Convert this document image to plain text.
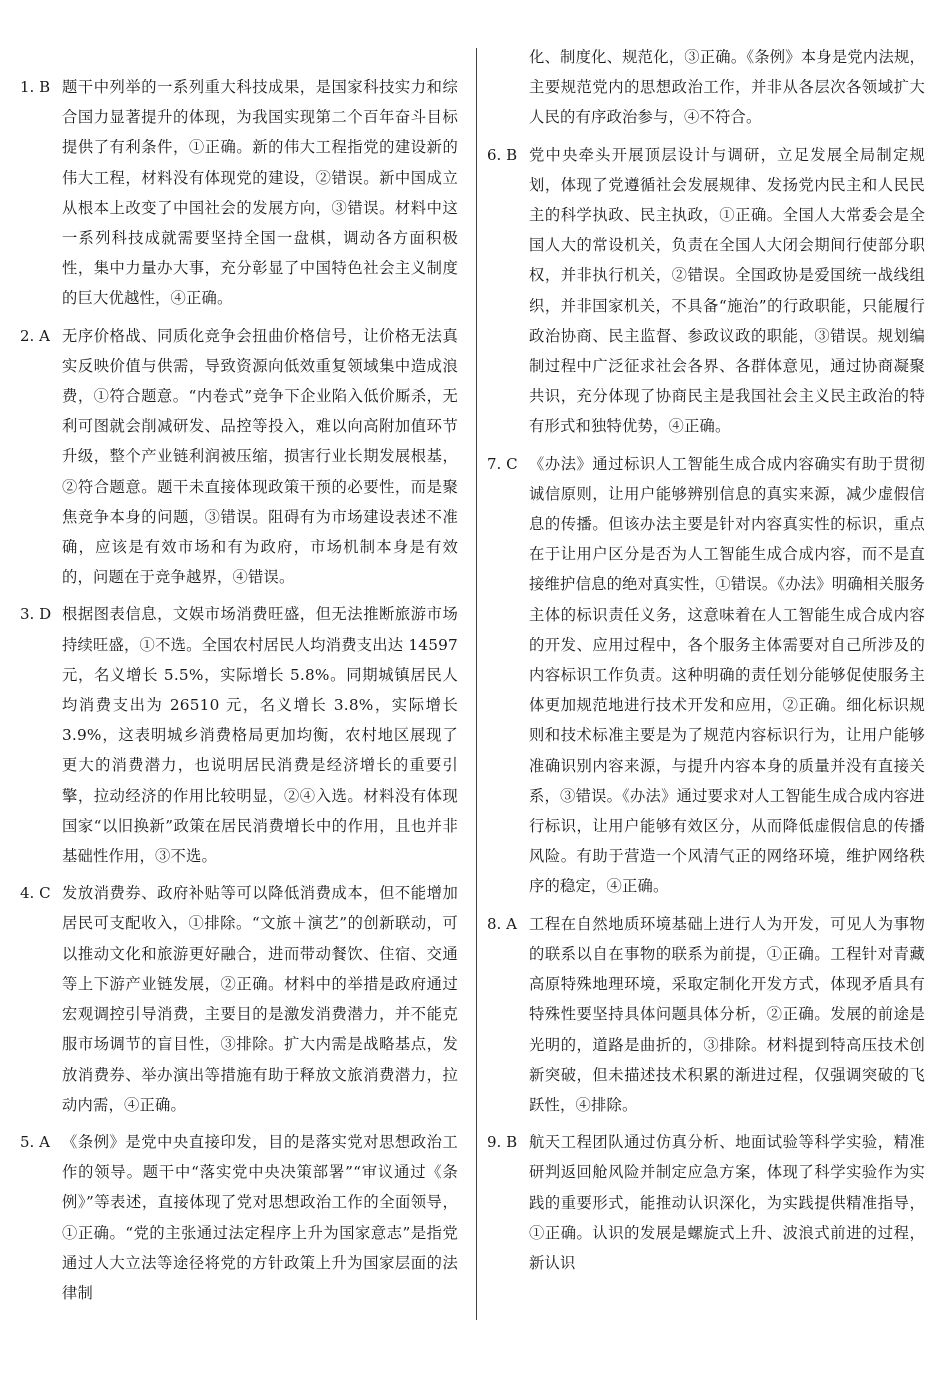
1. B 题干中列举的一系列重大科技成果，是国家科技实力和综合国力显著提升的体现，为我国实现第二个百年奋斗目标提供了有利条件，①正确。新的伟大工程指党的建设新的伟大工程，材料没有体现党的建设，②错误。新中国成立从根本上改变了中国社会的发展方向，③错误。材料中这一系列科技成就需要坚持全国一盘棋，调动各方面积极性，集中力量办大事，充分彰显了中国特色社会主义制度的巨大优越性，④正确。
2. A 无序价格战、同质化竞争会扭曲价格信号，让价格无法真实反映价值与供需，导致资源向低效重复领域集中造成浪费，①符合题意。“内卷式”竞争下企业陷入低价厮杀，无利可图就会削减研发、品控等投入，难以向高附加值环节升级，整个产业链利润被压缩，损害行业长期发展根基，②符合题意。题干未直接体现政策干预的必要性，而是聚焦竞争本身的问题，③错误。阻碍有为市场建设表述不准确，应该是有效市场和有为政府，市场机制本身是有效的，问题在于竞争越界，④错误。
3. D 根据图表信息，文娱市场消费旺盛，但无法推断旅游市场持续旺盛，①不选。全国农村居民人均消费支出达 14597 元，名义增长 5.5%，实际增长 5.8%。同期城镇居民人均消费支出为 26510 元，名义增长 3.8%，实际增长 3.9%，这表明城乡消费格局更加均衡，农村地区展现了更大的消费潜力，也说明居民消费是经济增长的重要引擎，拉动经济的作用比较明显，②④入选。材料没有体现国家“以旧换新”政策在居民消费增长中的作用，且也并非基础性作用，③不选。
4. C 发放消费券、政府补贴等可以降低消费成本，但不能增加居民可支配收入，①排除。“文旅＋演艺”的创新联动，可以推动文化和旅游更好融合，进而带动餐饮、住宿、交通等上下游产业链发展，②正确。材料中的举措是政府通过宏观调控引导消费，主要目的是激发消费潜力，并不能克服市场调节的盲目性，③排除。扩大内需是战略基点，发放消费券、举办演出等措施有助于释放文旅消费潜力，拉动内需，④正确。
5. A 《条例》是党中央直接印发，目的是落实党对思想政治工作的领导。题干中“落实党中央决策部署”“审议通过《条例》”等表述，直接体现了党对思想政治工作的全面领导，①正确。“党的主张通过法定程序上升为国家意志”是指党通过人大立法等途径将党的方针政策上升为国家层面的法律制
化、制度化、规范化，③正确。《条例》本身是党内法规，主要规范党内的思想政治工作，并非从各层次各领域扩大人民的有序政治参与，④不符合。
6. B 党中央牵头开展顶层设计与调研，立足发展全局制定规划，体现了党遵循社会发展规律、发扬党内民主和人民民主的科学执政、民主执政，①正确。全国人大常委会是全国人大的常设机关，负责在全国人大闭会期间行使部分职权，并非执行机关，②错误。全国政协是爱国统一战线组织，并非国家机关，不具备“施治”的行政职能，只能履行政治协商、民主监督、参政议政的职能，③错误。规划编制过程中广泛征求社会各界、各群体意见，通过协商凝聚共识，充分体现了协商民主是我国社会主义民主政治的特有形式和独特优势，④正确。
7. C 《办法》通过标识人工智能生成合成内容确实有助于贯彻诚信原则，让用户能够辨别信息的真实来源，减少虚假信息的传播。但该办法主要是针对内容真实性的标识，重点在于让用户区分是否为人工智能生成合成内容，而不是直接维护信息的绝对真实性，①错误。《办法》明确相关服务主体的标识责任义务，这意味着在人工智能生成合成内容的开发、应用过程中，各个服务主体需要对自己所涉及的内容标识工作负责。这种明确的责任划分能够促使服务主体更加规范地进行技术开发和应用，②正确。细化标识规则和技术标准主要是为了规范内容标识行为，让用户能够准确识别内容来源，与提升内容本身的质量并没有直接关系，③错误。《办法》通过要求对人工智能生成合成内容进行标识，让用户能够有效区分，从而降低虚假信息的传播风险。有助于营造一个风清气正的网络环境，维护网络秩序的稳定，④正确。
8. A 工程在自然地质环境基础上进行人为开发，可见人为事物的联系以自在事物的联系为前提，①正确。工程针对青藏高原特殊地理环境，采取定制化开发方式，体现矛盾具有特殊性要坚持具体问题具体分析，②正确。发展的前途是光明的，道路是曲折的，③排除。材料提到特高压技术创新突破，但未描述技术积累的渐进过程，仅强调突破的飞跃性，④排除。
9. B 航天工程团队通过仿真分析、地面试验等科学实验，精准研判返回舱风险并制定应急方案，体现了科学实验作为实践的重要形式，能推动认识深化，为实践提供精准指导，①正确。认识的发展是螺旋式上升、波浪式前进的过程，新认识
